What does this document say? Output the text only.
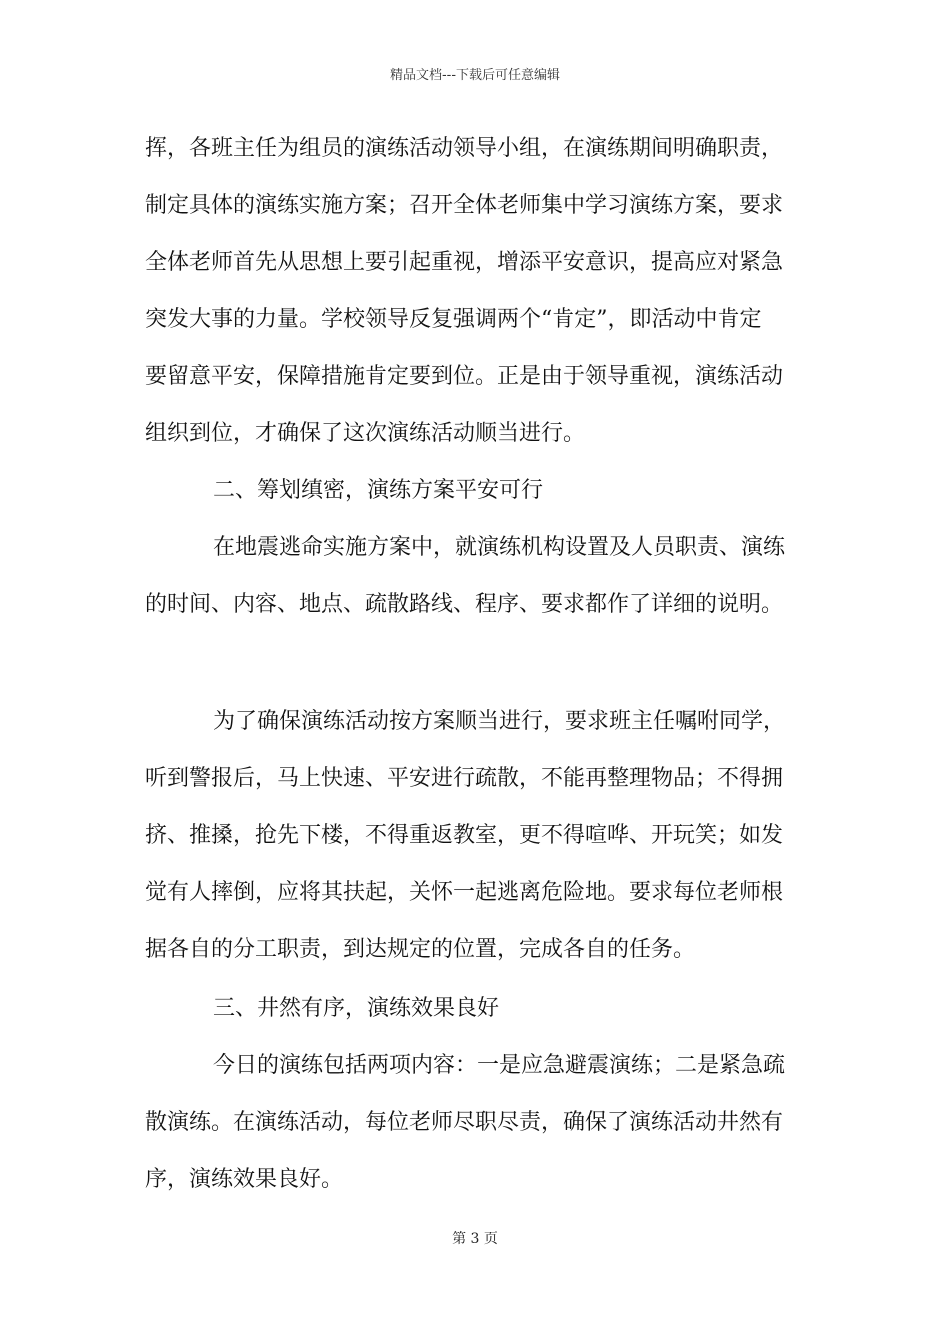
精品文档---下载后可任意编辑
挥，各班主任为组员的演练活动领导小组，在演练期间明确职责，
制定具体的演练实施方案；召开全体老师集中学习演练方案，要求
全体老师首先从思想上要引起重视，增添平安意识，提高应对紧急
突发大事的力量。学校领导反复强调两个“肯定”，即活动中肯定
要留意平安，保障措施肯定要到位。正是由于领导重视，演练活动
组织到位，才确保了这次演练活动顺当进行。
二、筹划缜密，演练方案平安可行
在地震逃命实施方案中，就演练机构设置及人员职责、演练
的时间、内容、地点、疏散路线、程序、要求都作了详细的说明。
为了确保演练活动按方案顺当进行，要求班主任嘱咐同学，
听到警报后，马上快速、平安进行疏散，不能再整理物品；不得拥
挤、推搡，抢先下楼，不得重返教室，更不得喧哗、开玩笑；如发
觉有人摔倒，应将其扶起，关怀一起逃离危险地。要求每位老师根
据各自的分工职责，到达规定的位置，完成各自的任务。
三、井然有序，演练效果良好
今日的演练包括两项内容：一是应急避震演练；二是紧急疏
散演练。在演练活动，每位老师尽职尽责，确保了演练活动井然有
序，演练效果良好。
第 3 页
